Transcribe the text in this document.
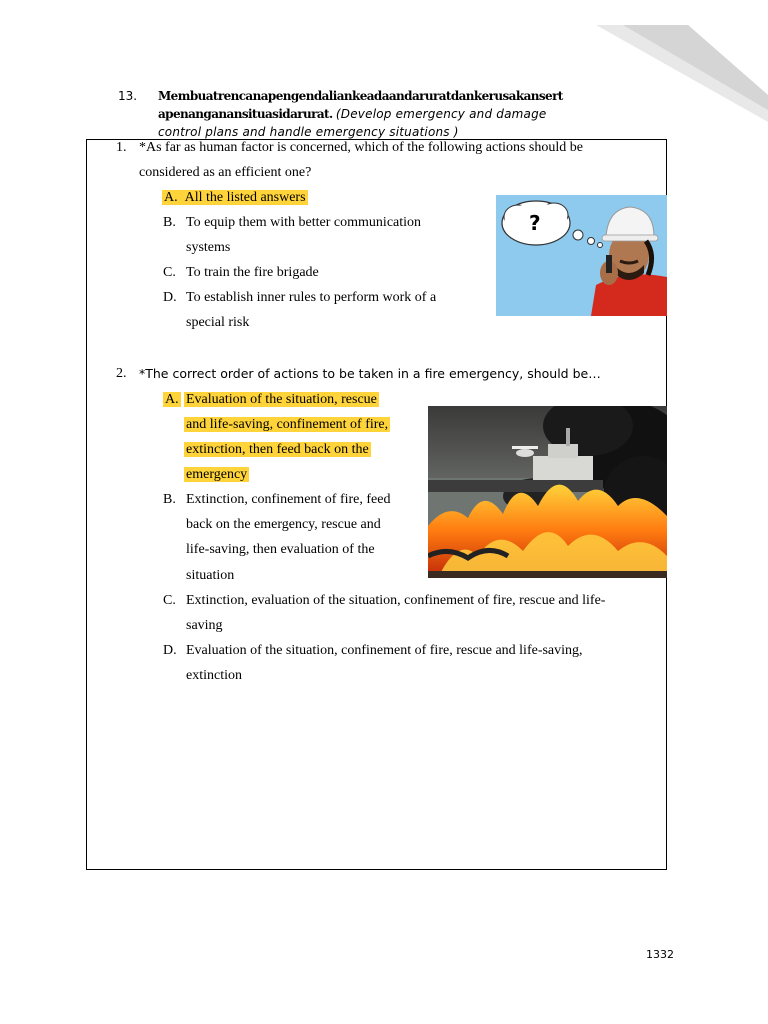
13. Membuatrencanapengendaliankeadaandaruratdankerusakansert
apenanganansituasidarurat. (Develop emergency and damage
control plans and handle emergency situations )
1. *As far as human factor is concerned, which of the following actions should be
considered as an efficient one?
A. All the listed answers
B. To equip them with better communication
systems
C. To train the fire brigade
D. To establish inner rules to perform work of a
special risk
?
2. *The correct order of actions to be taken in a fire emergency, should be…
A. Evaluation of the situation, rescue
and life-saving, confinement of fire,
extinction, then feed back on the
emergency
B. Extinction, confinement of fire, feed
back on the emergency, rescue and
life-saving, then evaluation of the
situation
C. Extinction, evaluation of the situation, confinement of fire, rescue and life-
saving
D. Evaluation of the situation, confinement of fire, rescue and life-saving,
extinction
1332
